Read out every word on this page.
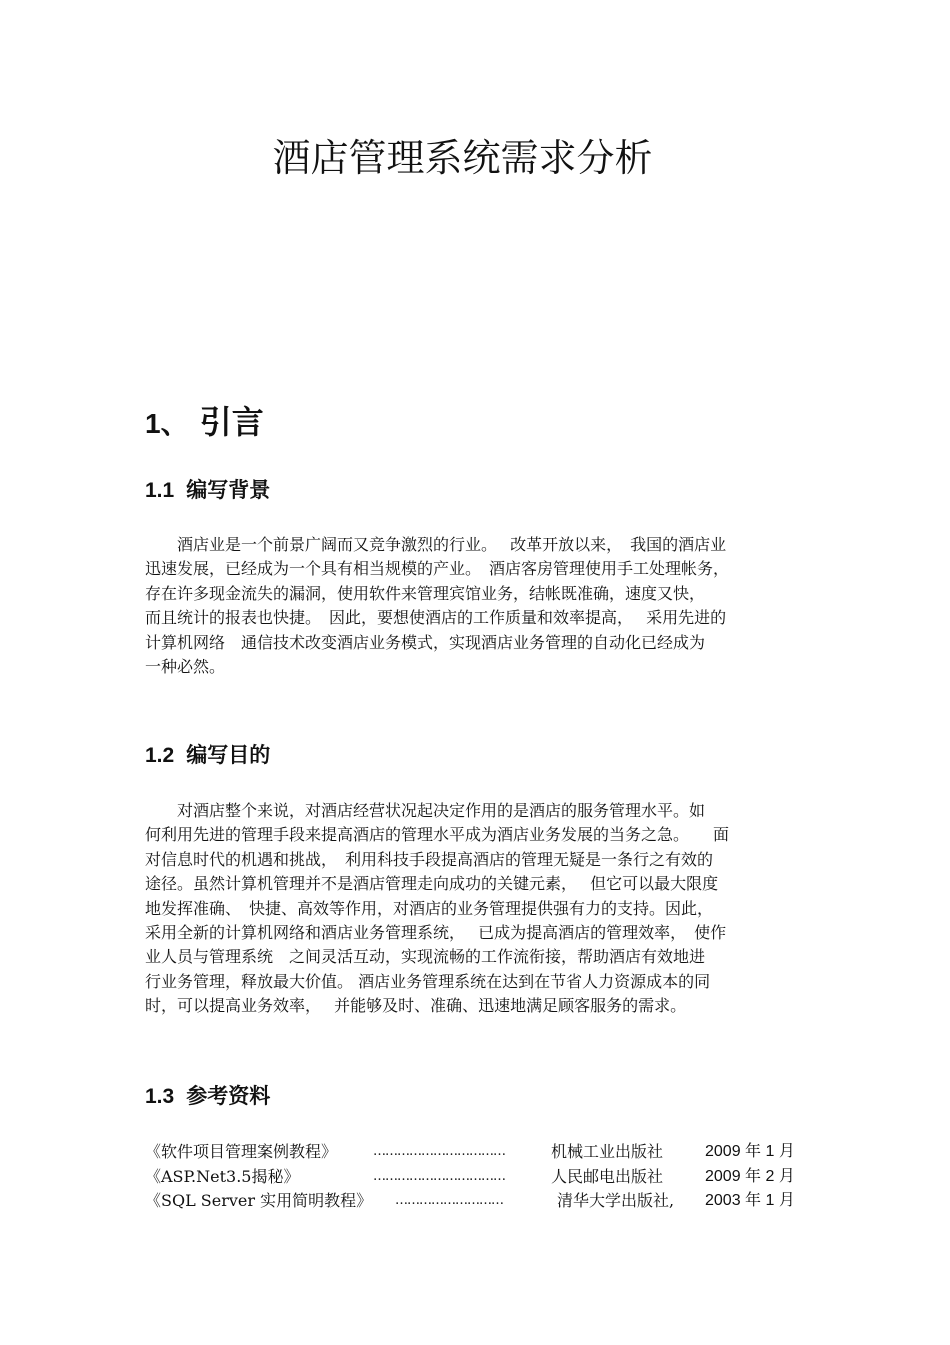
酒店管理系统需求分析
1、 引言
1.1 编写背景

　　酒店业是一个前景广阔而又竞争激烈的行业。　 改革开放以来，　我国的酒店业
迅速发展，已经成为一个具有相当规模的产业。　酒店客房管理使用手工处理帐务，
存在许多现金流失的漏洞，使用软件来管理宾馆业务，结帐既准确，速度又快，
而且统计的报表也快捷。　因此，要想使酒店的工作质量和效率提高，　 采用先进的
计算机网络　通信技术改变酒店业务模式，实现酒店业务管理的自动化已经成为
一种必然。

1.2 编写目的

　　对酒店整个来说，对酒店经营状况起决定作用的是酒店的服务管理水平。如
何利用先进的管理手段来提高酒店的管理水平成为酒店业务发展的当务之急。　　面
对信息时代的机遇和挑战，　利用科技手段提高酒店的管理无疑是一条行之有效的
途径。虽然计算机管理并不是酒店管理走向成功的关键元素，　 但它可以最大限度
地发挥准确、　快捷、高效等作用，对酒店的业务管理提供强有力的支持。因此，
采用全新的计算机网络和酒店业务管理系统，　 已成为提高酒店的管理效率，　使作
业人员与管理系统　之间灵活互动，实现流畅的工作流衔接，帮助酒店有效地进
行业务管理，释放最大价值。 酒店业务管理系统在达到在节省人力资源成本的同
时，可以提高业务效率，　 并能够及时、准确、迅速地满足顾客服务的需求。

1.3 参考资料
《软件项目管理案例教程》	……………………………	机械工业出版社	2009 年 1 月
《ASP.Net3.5揭秘》	……………………………	人民邮电出版社	2009 年 2 月
《SQL Server 实用简明教程》 ………………………	清华大学出版社, 2003 年 1 月
